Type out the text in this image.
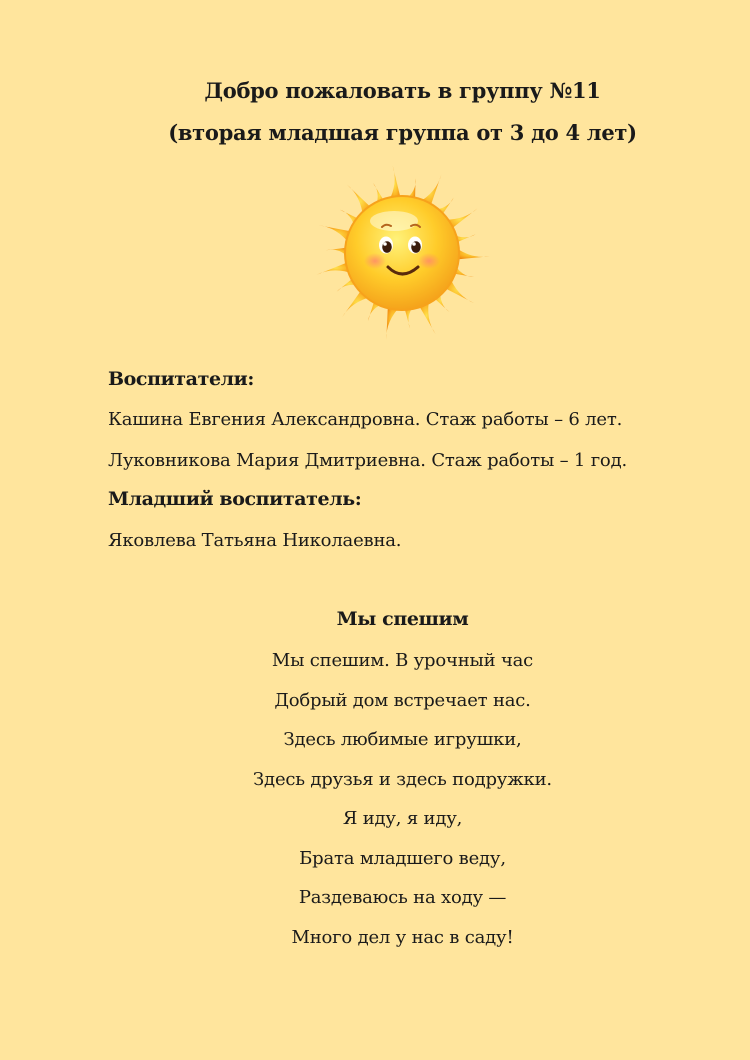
Добро пожаловать в группу №11
(вторая младшая группа от 3 до 4 лет)
Воспитатели:
Кашина Евгения Александровна. Стаж работы – 6 лет.
Луковникова Мария Дмитриевна. Стаж работы – 1 год.
Младший воспитатель:
Яковлева Татьяна Николаевна.
Мы спешим
Мы спешим. В урочный час
Добрый дом встречает нас.
Здесь любимые игрушки,
Здесь друзья и здесь подружки.
Я иду, я иду,
Брата младшего веду,
Раздеваюсь на ходу —
Много дел у нас в саду!
